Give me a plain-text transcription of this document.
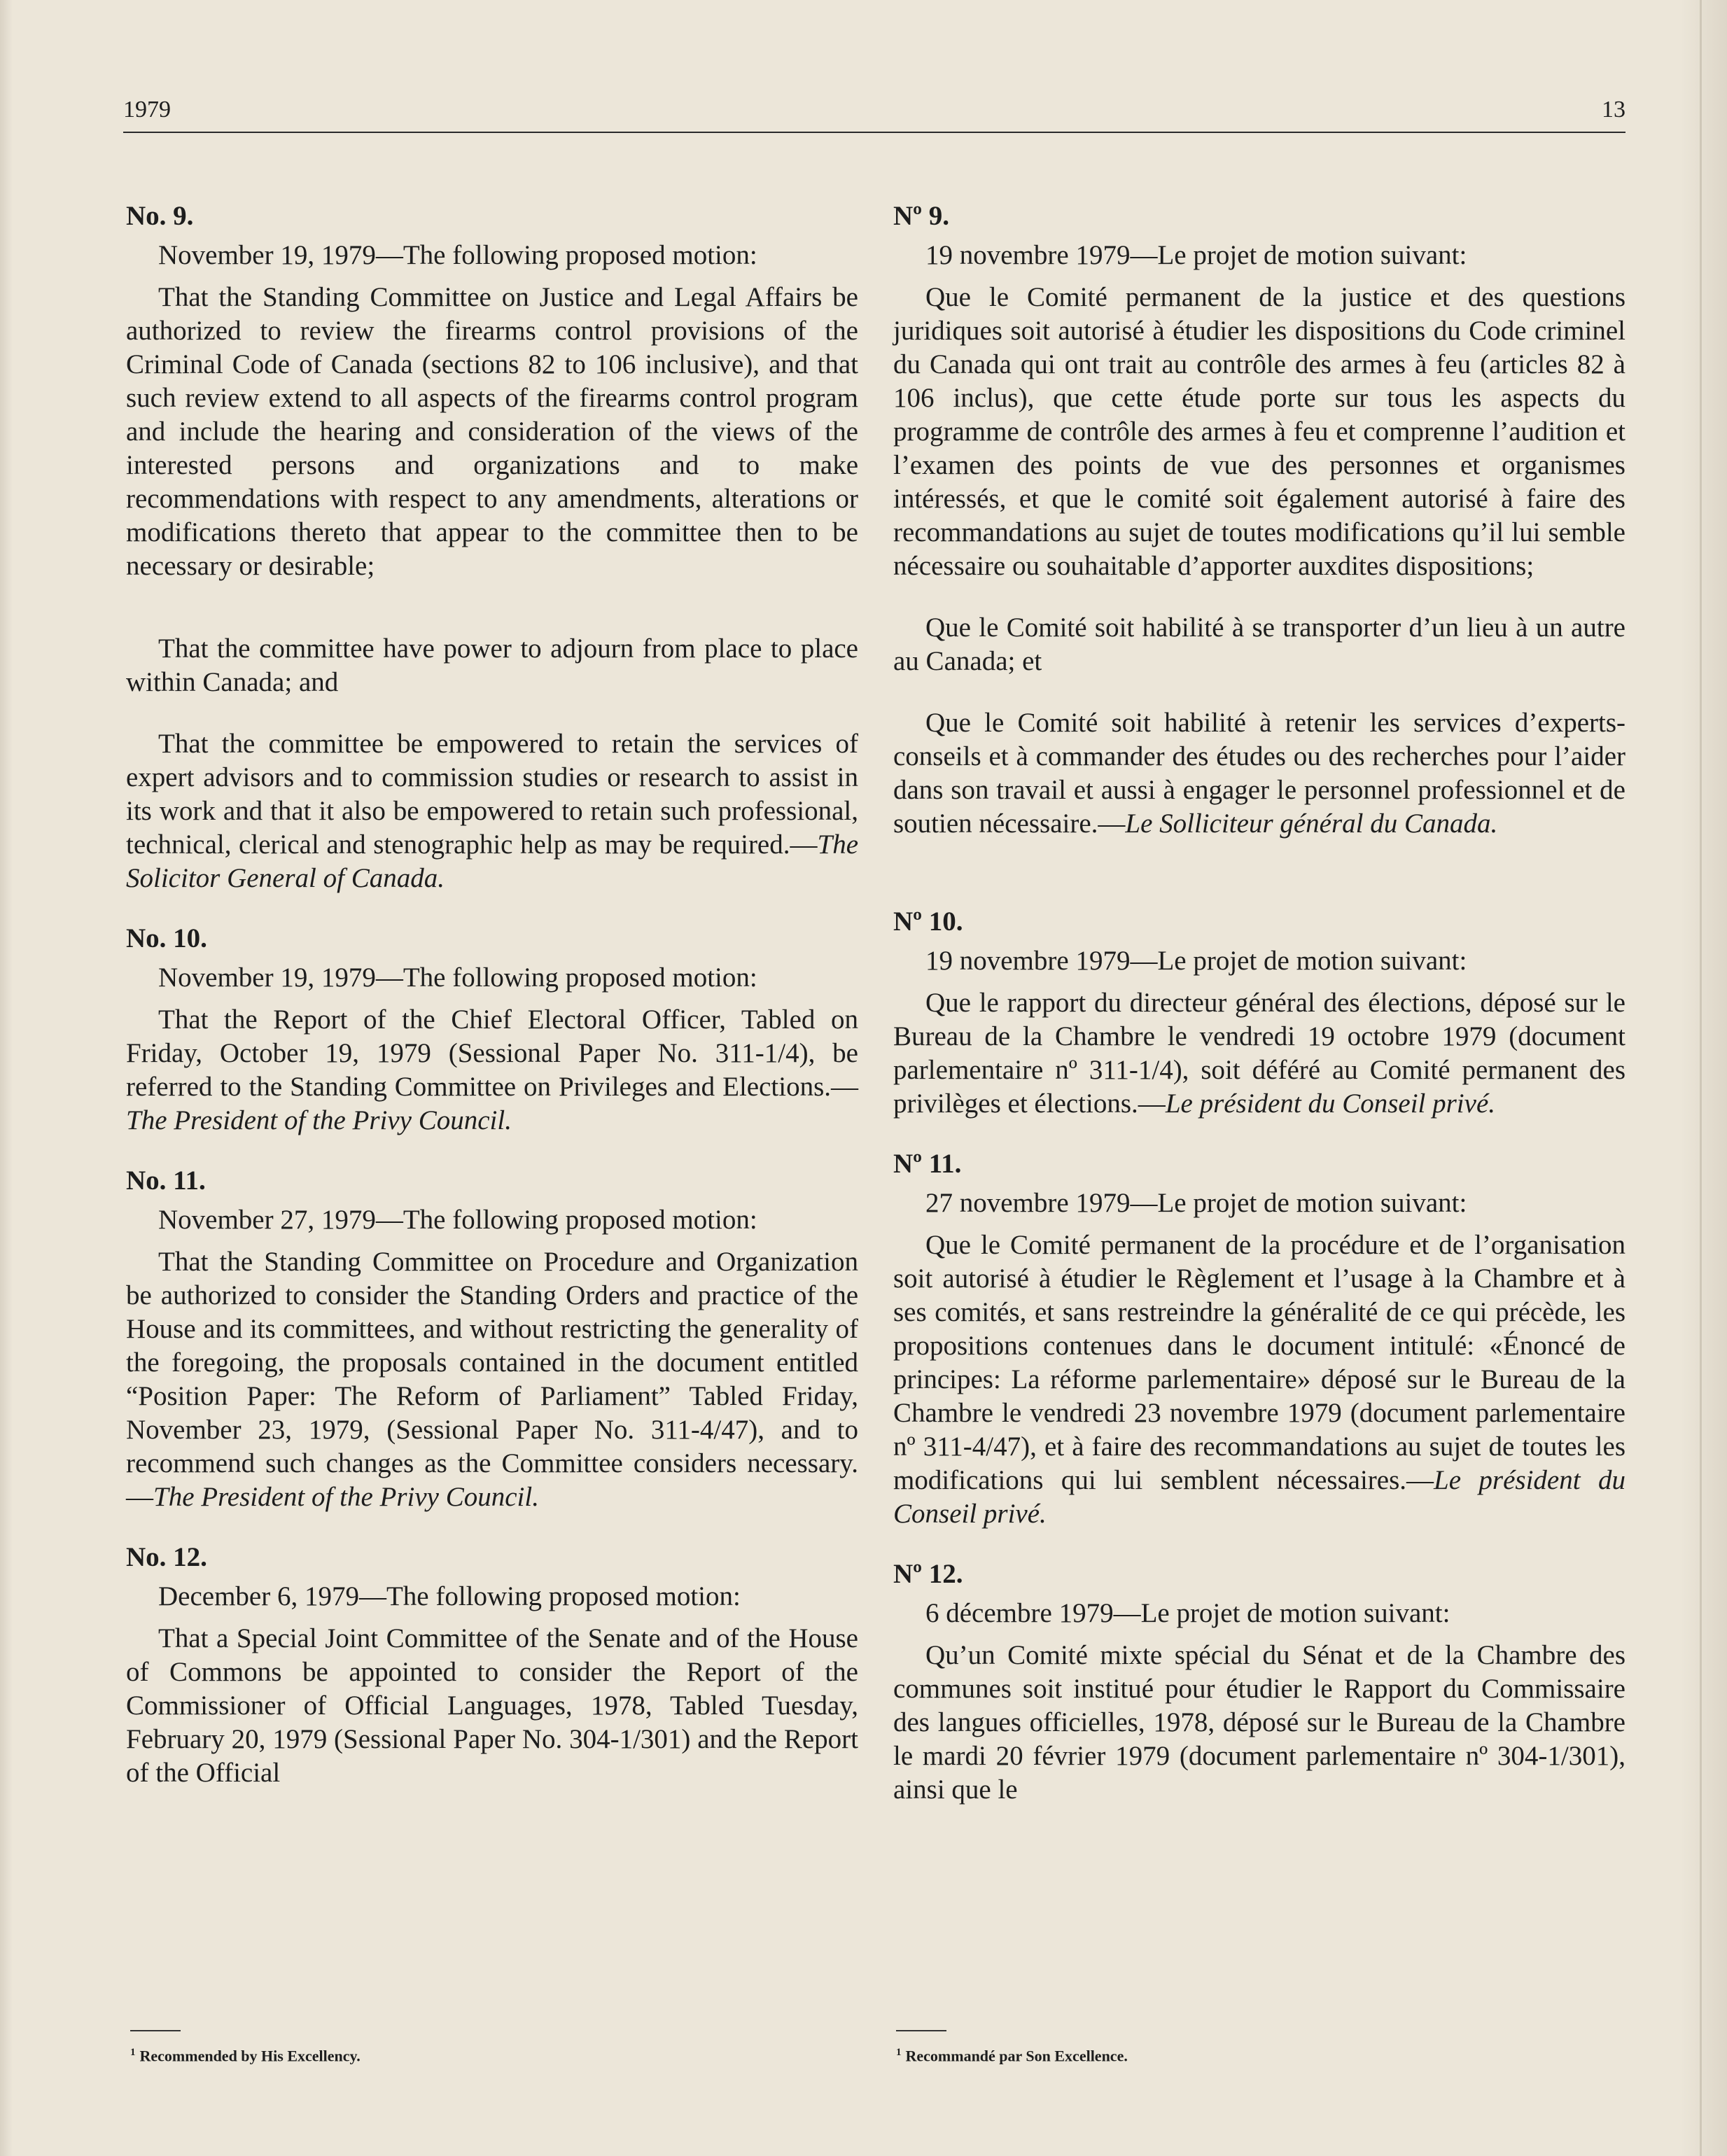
1979	13

No. 9.

November 19, 1979—The following proposed motion:

That the Standing Committee on Justice and Legal Affairs be authorized to review the firearms control provisions of the Criminal Code of Canada (sections 82 to 106 inclusive), and that such review extend to all aspects of the firearms control program and include the hearing and consideration of the views of the interested persons and organizations and to make recommendations with respect to any amendments, alterations or modifications thereto that appear to the committee then to be necessary or desirable;

That the committee have power to adjourn from place to place within Canada; and

That the committee be empowered to retain the services of expert advisors and to commission studies or research to assist in its work and that it also be empowered to retain such professional, technical, clerical and stenographic help as may be required.—The Solicitor General of Canada.

No. 10.

November 19, 1979—The following proposed motion:

That the Report of the Chief Electoral Officer, Tabled on Friday, October 19, 1979 (Sessional Paper No. 311-1/4), be referred to the Standing Committee on Privileges and Elections.—The President of the Privy Council.

No. 11.

November 27, 1979—The following proposed motion:

That the Standing Committee on Procedure and Organization be authorized to consider the Standing Orders and practice of the House and its committees, and without restricting the generality of the foregoing, the proposals contained in the document entitled “Position Paper: The Reform of Parliament” Tabled Friday, November 23, 1979, (Sessional Paper No. 311-4/47), and to recommend such changes as the Committee considers necessary.—The President of the Privy Council.

No. 12.

December 6, 1979—The following proposed motion:

That a Special Joint Committee of the Senate and of the House of Commons be appointed to consider the Report of the Commissioner of Official Languages, 1978, Tabled Tuesday, February 20, 1979 (Sessional Paper No. 304-1/301) and the Report of the Official

Nº 9.

19 novembre 1979—Le projet de motion suivant:

Que le Comité permanent de la justice et des questions juridiques soit autorisé à étudier les dispositions du Code criminel du Canada qui ont trait au contrôle des armes à feu (articles 82 à 106 inclus), que cette étude porte sur tous les aspects du programme de contrôle des armes à feu et comprenne l’audition et l’examen des points de vue des personnes et organismes intéressés, et que le comité soit également autorisé à faire des recommandations au sujet de toutes modifications qu’il lui semble nécessaire ou souhaitable d’apporter auxdites dispositions;

Que le Comité soit habilité à se transporter d’un lieu à un autre au Canada; et

Que le Comité soit habilité à retenir les services d’experts-conseils et à commander des études ou des recherches pour l’aider dans son travail et aussi à engager le personnel professionnel et de soutien nécessaire.—Le Solliciteur général du Canada.

Nº 10.

19 novembre 1979—Le projet de motion suivant:

Que le rapport du directeur général des élections, déposé sur le Bureau de la Chambre le vendredi 19 octobre 1979 (document parlementaire nº 311-1/4), soit déféré au Comité permanent des privilèges et élections.—Le président du Conseil privé.

Nº 11.

27 novembre 1979—Le projet de motion suivant:

Que le Comité permanent de la procédure et de l’organisation soit autorisé à étudier le Règlement et l’usage à la Chambre et à ses comités, et sans restreindre la généralité de ce qui précède, les propositions contenues dans le document intitulé: «Énoncé de principes: La réforme parlementaire» déposé sur le Bureau de la Chambre le vendredi 23 novembre 1979 (document parlementaire nº 311-4/47), et à faire des recommandations au sujet de toutes les modifications qui lui semblent nécessaires.—Le président du Conseil privé.

Nº 12.

6 décembre 1979—Le projet de motion suivant:

Qu’un Comité mixte spécial du Sénat et de la Chambre des communes soit institué pour étudier le Rapport du Commissaire des langues officielles, 1978, déposé sur le Bureau de la Chambre le mardi 20 février 1979 (document parlementaire nº 304-1/301), ainsi que le

$^1$ Recommended by His Excellency.	$^1$ Recommandé par Son Excellence.
